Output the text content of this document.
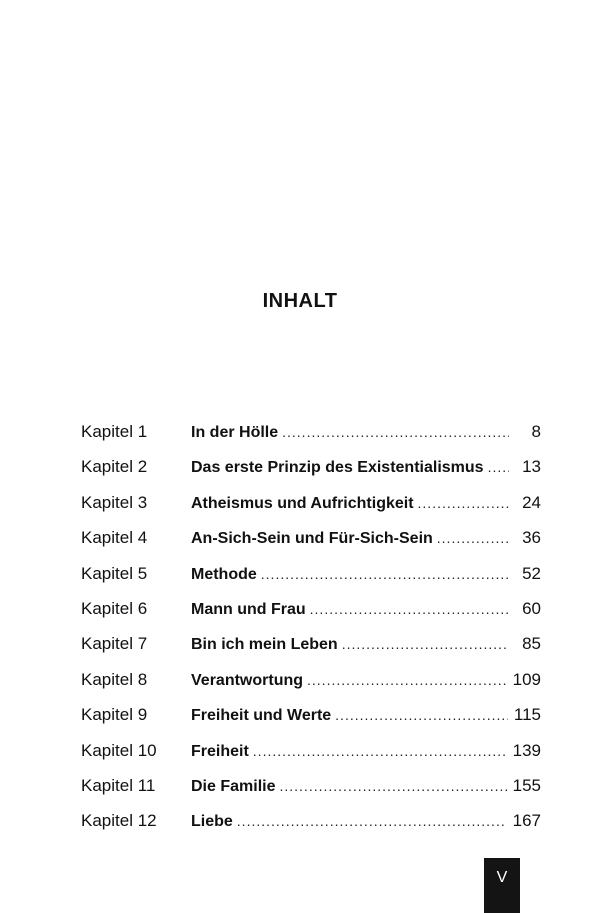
INHALT
Kapitel 1	In der Hölle .....	8
Kapitel 2	Das erste Prinzip des Existentialismus .....	13
Kapitel 3	Atheismus und Aufrichtigkeit .....	24
Kapitel 4	An-Sich-Sein und Für-Sich-Sein .....	36
Kapitel 5	Methode .....	52
Kapitel 6	Mann und Frau .....	60
Kapitel 7	Bin ich mein Leben .....	85
Kapitel 8	Verantwortung .....	109
Kapitel 9	Freiheit und Werte .....	115
Kapitel 10	Freiheit .....	139
Kapitel 11	Die Familie .....	155
Kapitel 12	Liebe .....	167
V
